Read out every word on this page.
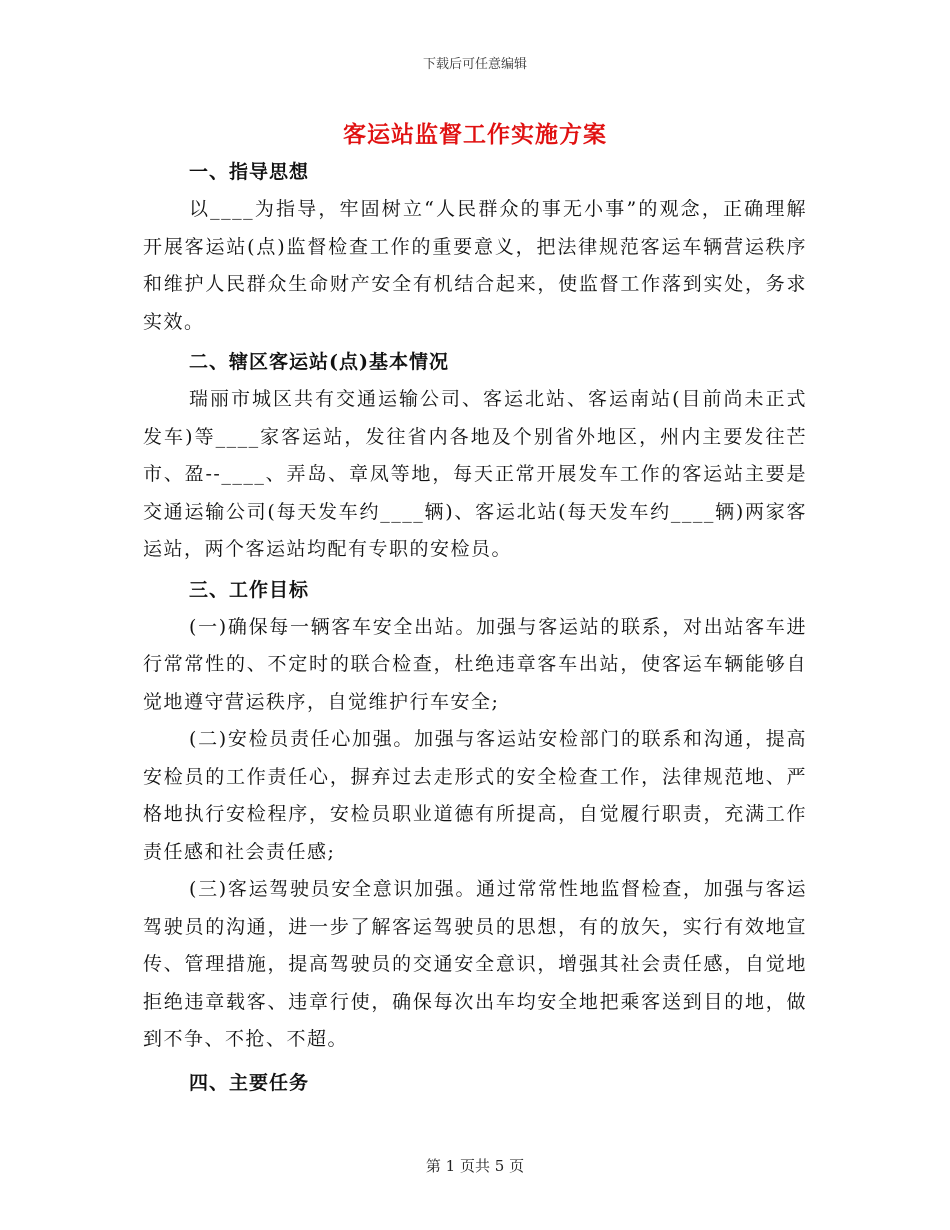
下载后可任意编辑
客运站监督工作实施方案

一、指导思想

以____为指导，牢固树立“人民群众的事无小事”的观念，正确理解开展客运站(点)监督检查工作的重要意义，把法律规范客运车辆营运秩序和维护人民群众生命财产安全有机结合起来，使监督工作落到实处，务求实效。

二、辖区客运站(点)基本情况

瑞丽市城区共有交通运输公司、客运北站、客运南站(目前尚未正式发车)等____家客运站，发往省内各地及个别省外地区，州内主要发往芒市、盈--____、弄岛、章凤等地，每天正常开展发车工作的客运站主要是交通运输公司(每天发车约____辆)、客运北站(每天发车约____辆)两家客运站，两个客运站均配有专职的安检员。

三、工作目标

(一)确保每一辆客车安全出站。加强与客运站的联系，对出站客车进行常常性的、不定时的联合检查，杜绝违章客车出站，使客运车辆能够自觉地遵守营运秩序，自觉维护行车安全;

(二)安检员责任心加强。加强与客运站安检部门的联系和沟通，提高安检员的工作责任心，摒弃过去走形式的安全检查工作，法律规范地、严格地执行安检程序，安检员职业道德有所提高，自觉履行职责，充满工作责任感和社会责任感;

(三)客运驾驶员安全意识加强。通过常常性地监督检查，加强与客运驾驶员的沟通，进一步了解客运驾驶员的思想，有的放矢，实行有效地宣传、管理措施，提高驾驶员的交通安全意识，增强其社会责任感，自觉地拒绝违章载客、违章行使，确保每次出车均安全地把乘客送到目的地，做到不争、不抢、不超。

四、主要任务

第 1 页共 5 页
